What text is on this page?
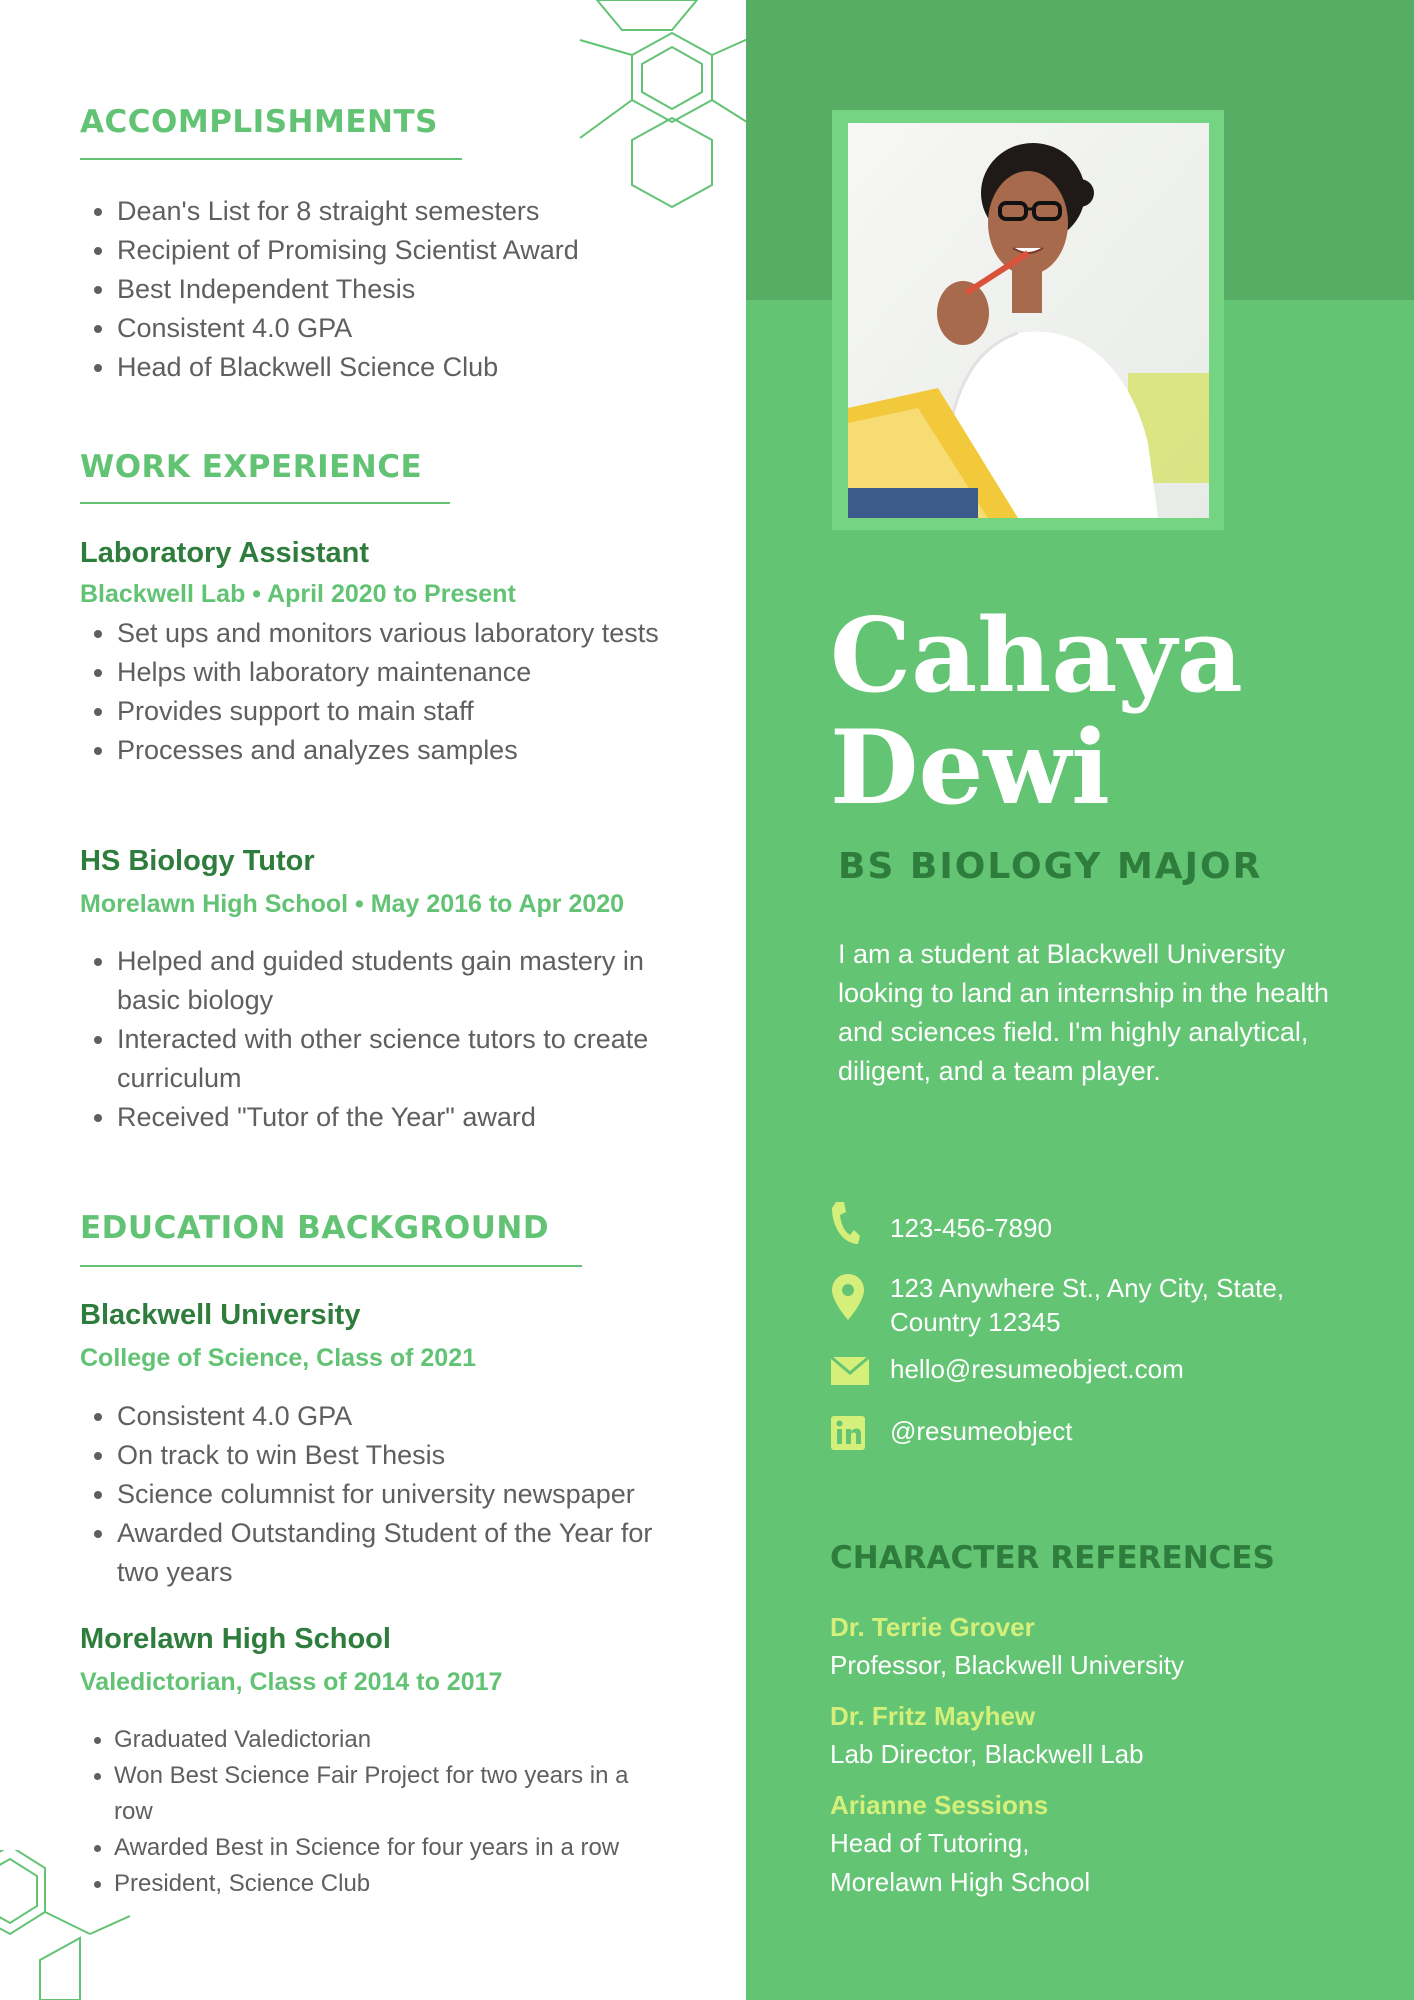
ACCOMPLISHMENTS
Dean's List for 8 straight semesters
Recipient of Promising Scientist Award
Best Independent Thesis
Consistent 4.0 GPA
Head of Blackwell Science Club
WORK EXPERIENCE
Laboratory Assistant

Blackwell Lab • April 2020 to Present

Set ups and monitors various laboratory tests
Helps with laboratory maintenance
Provides support to main staff
Processes and analyzes samples
HS Biology Tutor

Morelawn High School • May 2016 to Apr 2020

Helped and guided students gain mastery in basic biology
Interacted with other science tutors to create curriculum
Received "Tutor of the Year" award
EDUCATION BACKGROUND
Blackwell University

College of Science, Class of 2021

Consistent 4.0 GPA
On track to win Best Thesis
Science columnist for university newspaper
Awarded Outstanding Student of the Year for two years
Morelawn High School

Valedictorian, Class of 2014 to 2017

Graduated Valedictorian
Won Best Science Fair Project for two years in a row
Awarded Best in Science for four years in a row
President, Science Club
Cahaya
Dewi

BS BIOLOGY MAJOR

I am a student at Blackwell University looking to land an internship in the health and sciences field. I'm highly analytical, diligent, and a team player.

123-456-7890
123 Anywhere St., Any City, State,
Country 12345
hello@resumeobject.com
@resumeobject
CHARACTER REFERENCES

Dr. Terrie Grover

Professor, Blackwell University

Dr. Fritz Mayhew

Lab Director, Blackwell Lab

Arianne Sessions

Head of Tutoring,
Morelawn High School
